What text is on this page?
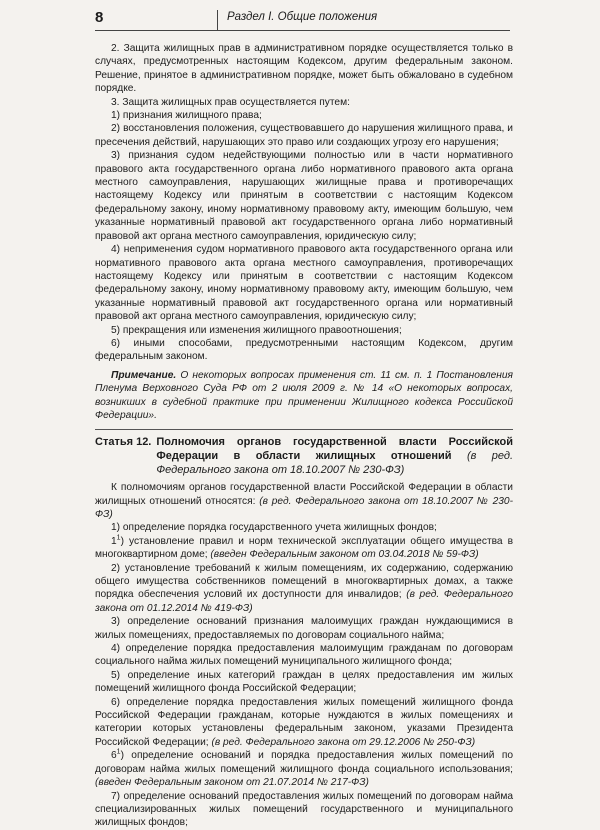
8	Раздел I. Общие положения

2. Защита жилищных прав в административном порядке осуществляется только в случаях, предусмотренных настоящим Кодексом, другим федеральным законом. Решение, принятое в административном порядке, может быть обжаловано в судебном порядке.

3. Защита жилищных прав осуществляется путем:

1) признания жилищного права;

2) восстановления положения, существовавшего до нарушения жилищного права, и пресечения действий, нарушающих это право или создающих угрозу его нарушения;

3) признания судом недействующими полностью или в части нормативного правового акта государственного органа либо нормативного правового акта органа местного самоуправления, нарушающих жилищные права и противоречащих настоящему Кодексу или принятым в соответствии с настоящим Кодексом федеральному закону, иному нормативному правовому акту, имеющим большую, чем указанные нормативный правовой акт государственного органа либо нормативный правовой акт органа местного самоуправления, юридическую силу;

4) неприменения судом нормативного правового акта государственного органа или нормативного правового акта органа местного самоуправления, противоречащих настоящему Кодексу или принятым в соответствии с настоящим Кодексом федеральному закону, иному нормативному правовому акту, имеющим большую, чем указанные нормативный правовой акт государственного органа или нормативный правовой акт органа местного самоуправления, юридическую силу;

5) прекращения или изменения жилищного правоотношения;

6) иными способами, предусмотренными настоящим Кодексом, другим федеральным законом.

Примечание. О некоторых вопросах применения ст. 11 см. п. 1 Постановления Пленума Верховного Суда РФ от 2 июля 2009 г. № 14 «О некоторых вопросах, возникших в судебной практике при применении Жилищного кодекса Российской Федерации».

Статья 12. Полномочия органов государственной власти Российской Федерации в области жилищных отношений (в ред. Федерального закона от 18.10.2007 № 230-ФЗ)

К полномочиям органов государственной власти Российской Федерации в области жилищных отношений относятся: (в ред. Федерального закона от 18.10.2007 № 230-ФЗ)

1) определение порядка государственного учета жилищных фондов;

$1^1$) установление правил и норм технической эксплуатации общего имущества в многоквартирном доме; (введен Федеральным законом от 03.04.2018 № 59-ФЗ)

2) установление требований к жилым помещениям, их содержанию, содержанию общего имущества собственников помещений в многоквартирных домах, а также порядка обеспечения условий их доступности для инвалидов; (в ред. Федерального закона от 01.12.2014 № 419-ФЗ)

3) определение оснований признания малоимущих граждан нуждающимися в жилых помещениях, предоставляемых по договорам социального найма;

4) определение порядка предоставления малоимущим гражданам по договорам социального найма жилых помещений муниципального жилищного фонда;

5) определение иных категорий граждан в целях предоставления им жилых помещений жилищного фонда Российской Федерации;

6) определение порядка предоставления жилых помещений жилищного фонда Российской Федерации гражданам, которые нуждаются в жилых помещениях и категории которых установлены федеральным законом, указами Президента Российской Федерации; (в ред. Федерального закона от 29.12.2006 № 250-ФЗ)

$6^1$) определение оснований и порядка предоставления жилых помещений по договорам найма жилых помещений жилищного фонда социального использования; (введен Федеральным законом от 21.07.2014 № 217-ФЗ)

7) определение оснований предоставления жилых помещений по договорам найма специализированных жилых помещений государственного и муниципального жилищных фондов;
